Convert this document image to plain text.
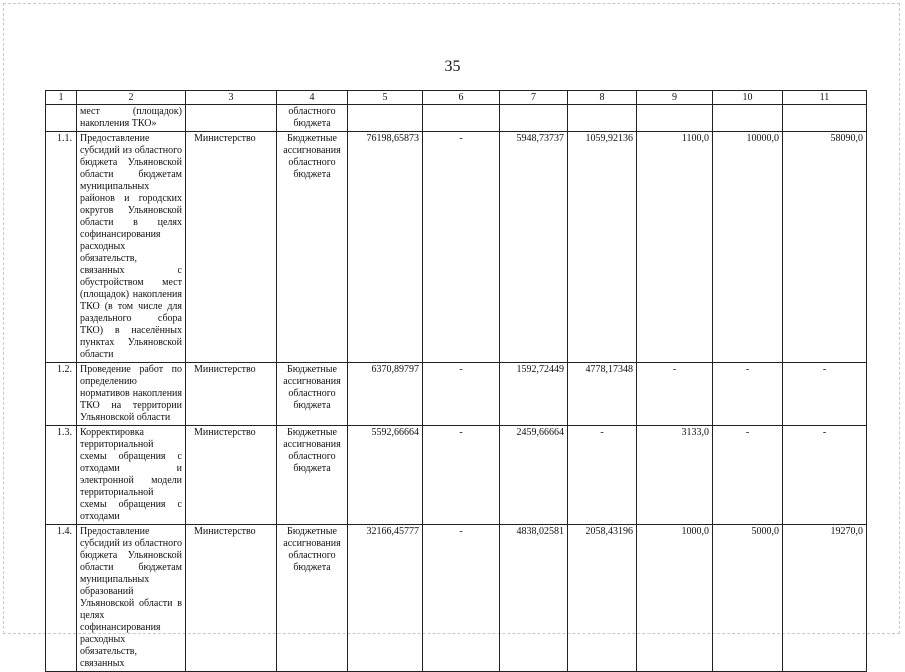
35
1	2	3	4	5	6	7	8	9	10	11
	мест (площадок) накопления ТКО»		областного бюджета							
1.1.	Предоставление субсидий из областного бюджета Ульяновской области бюджетам муниципальных районов и городских округов Ульяновской области в целях софинансирования расходных обязательств, связанных с обустройством мест (площадок) накопления ТКО (в том числе для раздельного сбора ТКО) в населённых пунктах Ульяновской области	Министерство	Бюджетные ассигнования областного бюджета	76198,65873	-	5948,73737	1059,92136	1100,0	10000,0	58090,0
1.2.	Проведение работ по определению нормативов накопления ТКО на территории Ульяновской области	Министерство	Бюджетные ассигнования областного бюджета	6370,89797	-	1592,72449	4778,17348	-	-	-
1.3.	Корректировка территориальной схемы обращения с отходами и электронной модели территориальной схемы обращения с отходами	Министерство	Бюджетные ассигнования областного бюджета	5592,66664	-	2459,66664	-	3133,0	-	-
1.4.	Предоставление субсидий из областного бюджета Ульяновской области бюджетам муниципальных образований Ульяновской области в целях софинансирования расходных обязательств, связанных	Министерство	Бюджетные ассигнования областного бюджета	32166,45777	-	4838,02581	2058,43196	1000,0	5000,0	19270,0
